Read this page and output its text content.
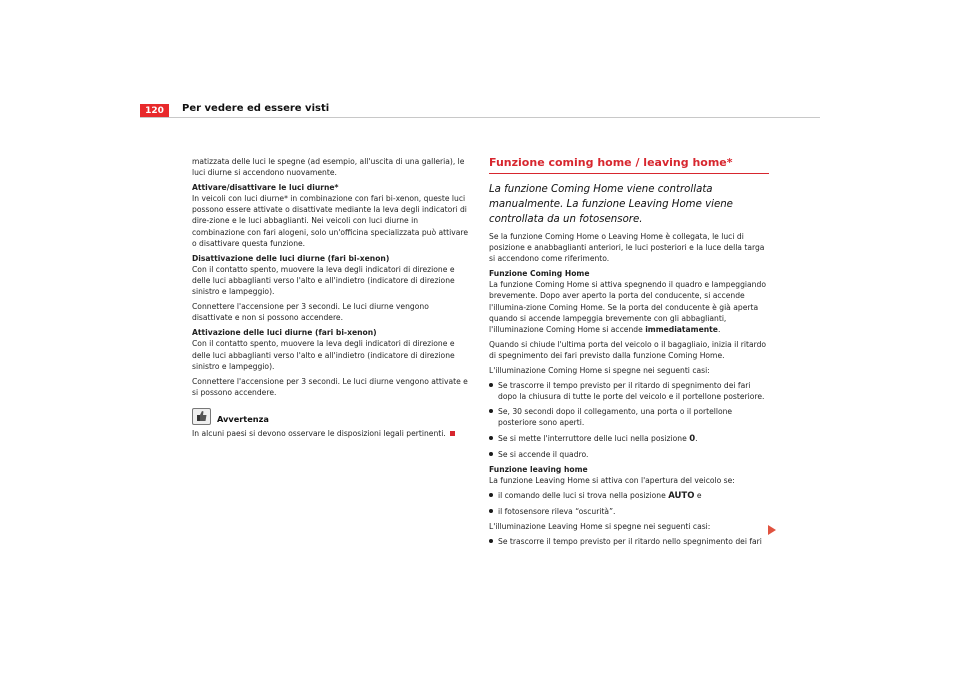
120	Per vedere ed essere visti

matizzata delle luci le spegne (ad esempio, all'uscita di una galleria), le luci diurne si accendono nuovamente.

Attivare/disattivare le luci diurne*

In veicoli con luci diurne* in combinazione con fari bi-xenon, queste luci possono essere attivate o disattivate mediante la leva degli indicatori di dire-zione e le luci abbaglianti. Nei veicoli con luci diurne in combinazione con fari alogeni, solo un'officina specializzata può attivare o disattivare questa funzione.

Disattivazione delle luci diurne (fari bi-xenon)

Con il contatto spento, muovere la leva degli indicatori di direzione e delle luci abbaglianti verso l'alto e all'indietro (indicatore di direzione sinistro e lampeggio).

Connettere l'accensione per 3 secondi. Le luci diurne vengono disattivate e non si possono accendere.

Attivazione delle luci diurne (fari bi-xenon)

Con il contatto spento, muovere la leva degli indicatori di direzione e delle luci abbaglianti verso l'alto e all'indietro (indicatore di direzione sinistro e lampeggio).

Connettere l'accensione per 3 secondi. Le luci diurne vengono attivate e si possono accendere.

Avvertenza

In alcuni paesi si devono osservare le disposizioni legali pertinenti.

Funzione coming home / leaving home*

La funzione Coming Home viene controllata manualmente. La funzione Leaving Home viene controllata da un fotosensore.

Se la funzione Coming Home o Leaving Home è collegata, le luci di posizione e anabbaglianti anteriori, le luci posteriori e la luce della targa si accendono come riferimento.

Funzione Coming Home

La funzione Coming Home si attiva spegnendo il quadro e lampeggiando brevemente. Dopo aver aperto la porta del conducente, si accende l'illumina-zione Coming Home. Se la porta del conducente è già aperta quando si accende lampeggia brevemente con gli abbaglianti, l'illuminazione Coming Home si accende immediatamente.

Quando si chiude l'ultima porta del veicolo o il bagagliaio, inizia il ritardo di spegnimento dei fari previsto dalla funzione Coming Home.

L'illuminazione Coming Home si spegne nei seguenti casi:

Se trascorre il tempo previsto per il ritardo di spegnimento dei fari dopo la chiusura di tutte le porte del veicolo e il portellone posteriore.

Se, 30 secondi dopo il collegamento, una porta o il portellone posteriore sono aperti.

Se si mette l'interruttore delle luci nella posizione 0.

Se si accende il quadro.

Funzione leaving home

La funzione Leaving Home si attiva con l'apertura del veicolo se:

il comando delle luci si trova nella posizione AUTO e

il fotosensore rileva “oscurità”.

L'illuminazione Leaving Home si spegne nei seguenti casi:

Se trascorre il tempo previsto per il ritardo nello spegnimento dei fari
